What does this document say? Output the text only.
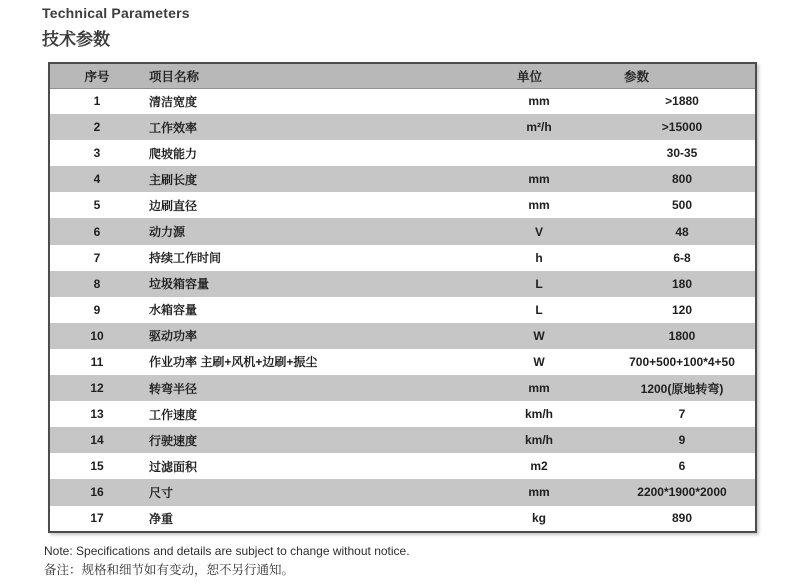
Technical Parameters
技术参数
序号	项目名称	单位	参数
1	清洁宽度	mm	>1880
2	工作效率	m²/h	>15000
3	爬坡能力		30-35
4	主刷长度	mm	800
5	边刷直径	mm	500
6	动力源	V	48
7	持续工作时间	h	6-8
8	垃圾箱容量	L	180
9	水箱容量	L	120
10	驱动功率	W	1800
11	作业功率 主刷+风机+边刷+振尘	W	700+500+100*4+50
12	转弯半径	mm	1200(原地转弯)
13	工作速度	km/h	7
14	行驶速度	km/h	9
15	过滤面积	m2	6
16	尺寸	mm	2200*1900*2000
17	净重	kg	890
Note: Specifications and details are subject to change without notice.
备注：规格和细节如有变动，恕不另行通知。
